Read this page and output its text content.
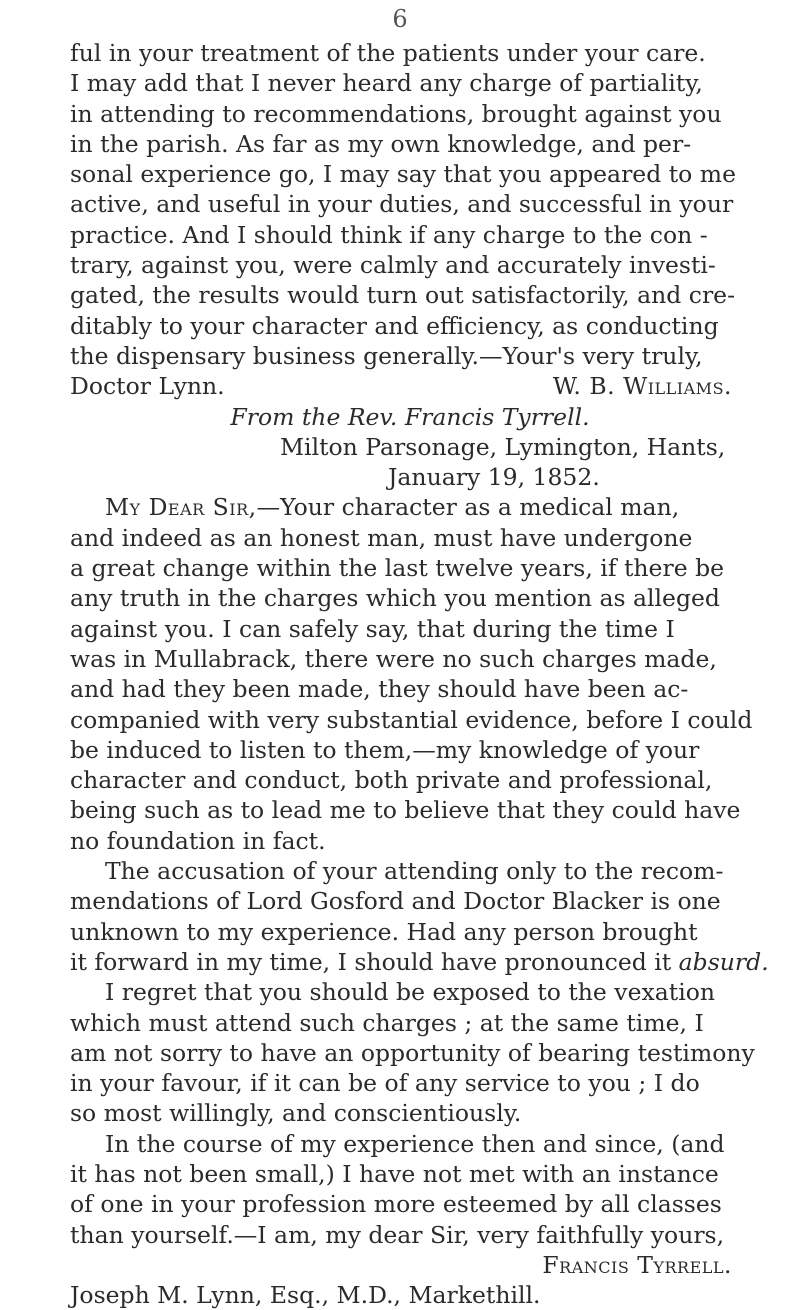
6
ful in your treatment of the patients under your care.
I may add that I never heard any charge of partiality,
in attending to recommendations, brought against you
in the parish. As far as my own knowledge, and per-
sonal experience go, I may say that you appeared to me
active, and useful in your duties, and successful in your
practice. And I should think if any charge to the con -
trary, against you, were calmly and accurately investi-
gated, the results would turn out satisfactorily, and cre-
ditably to your character and efficiency, as conducting
the dispensary business generally.—Your's very truly,
Doctor Lynn.	W. B. Williams.
From the Rev. Francis Tyrrell.
Milton Parsonage, Lymington, Hants,
January 19, 1852.
My Dear Sir,—Your character as a medical man,
and indeed as an honest man, must have undergone
a great change within the last twelve years, if there be
any truth in the charges which you mention as alleged
against you. I can safely say, that during the time I
was in Mullabrack, there were no such charges made,
and had they been made, they should have been ac-
companied with very substantial evidence, before I could
be induced to listen to them,—my knowledge of your
character and conduct, both private and professional,
being such as to lead me to believe that they could have
no foundation in fact.
The accusation of your attending only to the recom-
mendations of Lord Gosford and Doctor Blacker is one
unknown to my experience. Had any person brought
it forward in my time, I should have pronounced it absurd.
I regret that you should be exposed to the vexation
which must attend such charges ; at the same time, I
am not sorry to have an opportunity of bearing testimony
in your favour, if it can be of any service to you ; I do
so most willingly, and conscientiously.
In the course of my experience then and since, (and
it has not been small,) I have not met with an instance
of one in your profession more esteemed by all classes
than yourself.—I am, my dear Sir, very faithfully yours,
Francis Tyrrell.
Joseph M. Lynn, Esq., M.D., Markethill.
